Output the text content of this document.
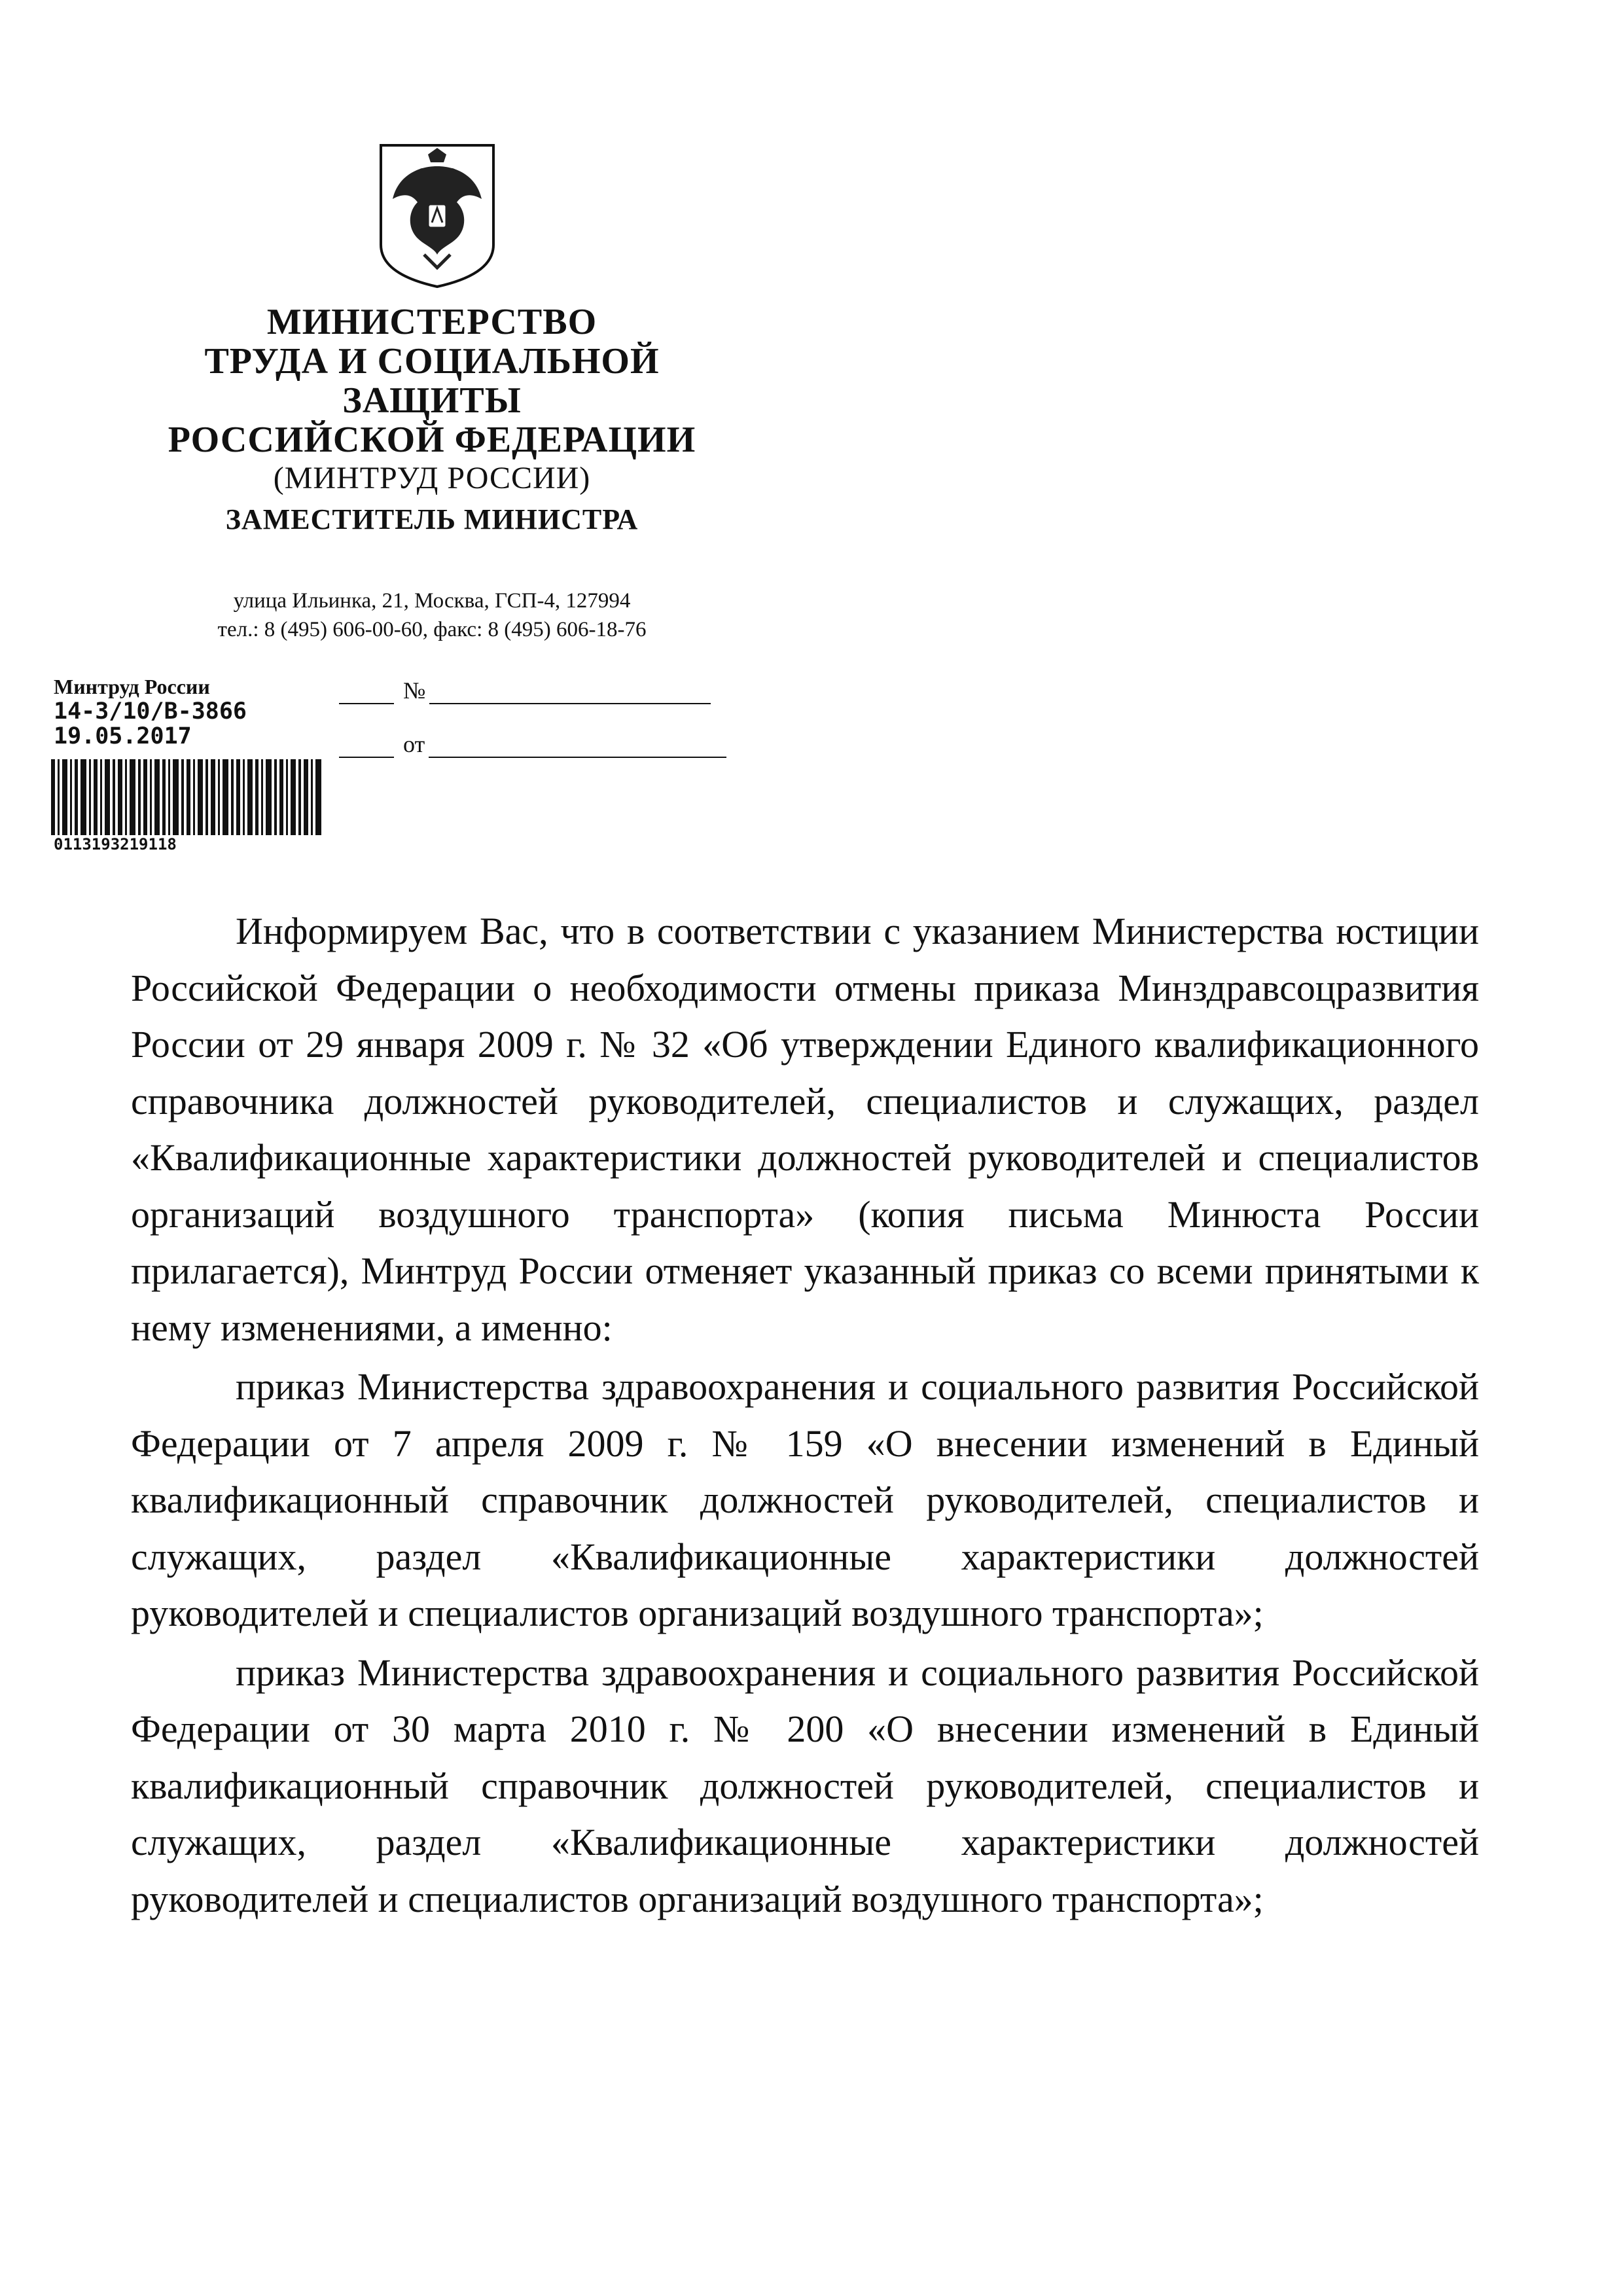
МИНИСТЕРСТВО
ТРУДА И СОЦИАЛЬНОЙ ЗАЩИТЫ
РОССИЙСКОЙ ФЕДЕРАЦИИ
(МИНТРУД РОССИИ)
ЗАМЕСТИТЕЛЬ МИНИСТРА
улица Ильинка, 21, Москва, ГСП-4, 127994
тел.: 8 (495) 606-00-60, факс: 8 (495) 606-18-76
Минтруд России
14-3/10/В-3866
19.05.2017
0113193219118
№
от

Информируем Вас, что в соответствии с указанием Министерства юстиции Российской Федерации о необходимости отмены приказа Минздравсоцразвития России от 29 января 2009 г. № 32 «Об утверждении Единого квалификационного справочника должностей руководителей, специалистов и служащих, раздел «Квалификационные характеристики должностей руководителей и специалистов организаций воздушного транспорта» (копия письма Минюста России прилагается), Минтруд России отменяет указанный приказ со всеми принятыми к нему изменениями, а именно:

приказ Министерства здравоохранения и социального развития Российской Федерации от 7 апреля 2009 г. № 159 «О внесении изменений в Единый квалификационный справочник должностей руководителей, специалистов и служащих, раздел «Квалификационные характеристики должностей руководителей и специалистов организаций воздушного транспорта»;

приказ Министерства здравоохранения и социального развития Российской Федерации от 30 марта 2010 г. № 200 «О внесении изменений в Единый квалификационный справочник должностей руководителей, специалистов и служащих, раздел «Квалификационные характеристики должностей руководителей и специалистов организаций воздушного транспорта»;
